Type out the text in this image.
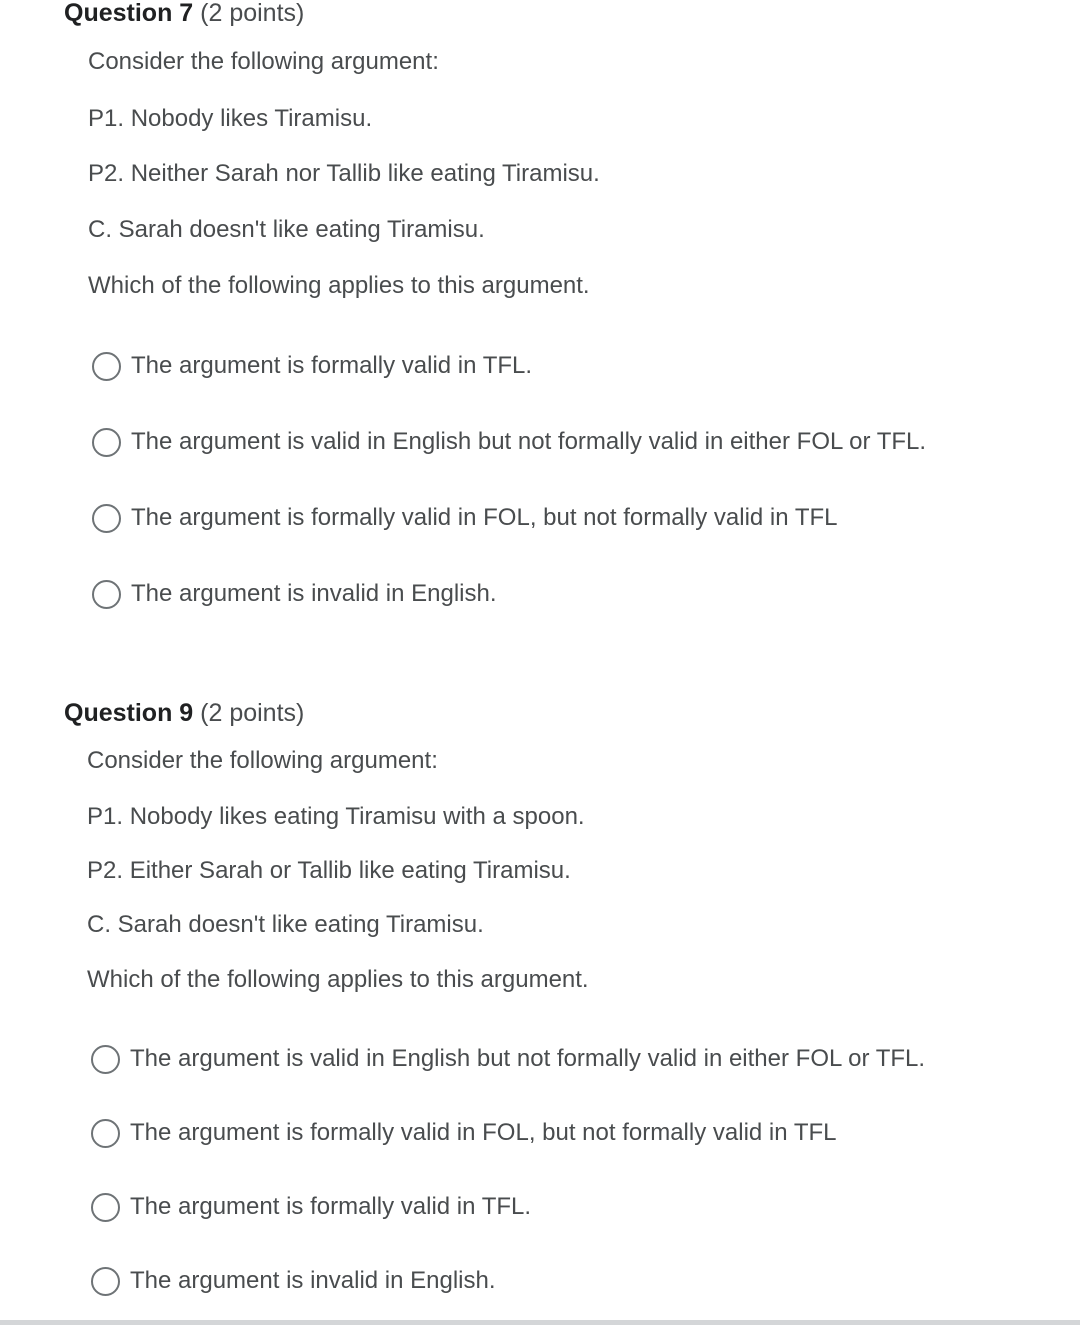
Question 7 (2 points)
Consider the following argument:
P1. Nobody likes Tiramisu.
P2. Neither Sarah nor Tallib like eating Tiramisu.
C. Sarah doesn't like eating Tiramisu.
Which of the following applies to this argument.
The argument is formally valid in TFL.
The argument is valid in English but not formally valid in either FOL or TFL.
The argument is formally valid in FOL, but not formally valid in TFL
The argument is invalid in English.
Question 9 (2 points)
Consider the following argument:
P1. Nobody likes eating Tiramisu with a spoon.
P2. Either Sarah or Tallib like eating Tiramisu.
C. Sarah doesn't like eating Tiramisu.
Which of the following applies to this argument.
The argument is valid in English but not formally valid in either FOL or TFL.
The argument is formally valid in FOL, but not formally valid in TFL
The argument is formally valid in TFL.
The argument is invalid in English.
